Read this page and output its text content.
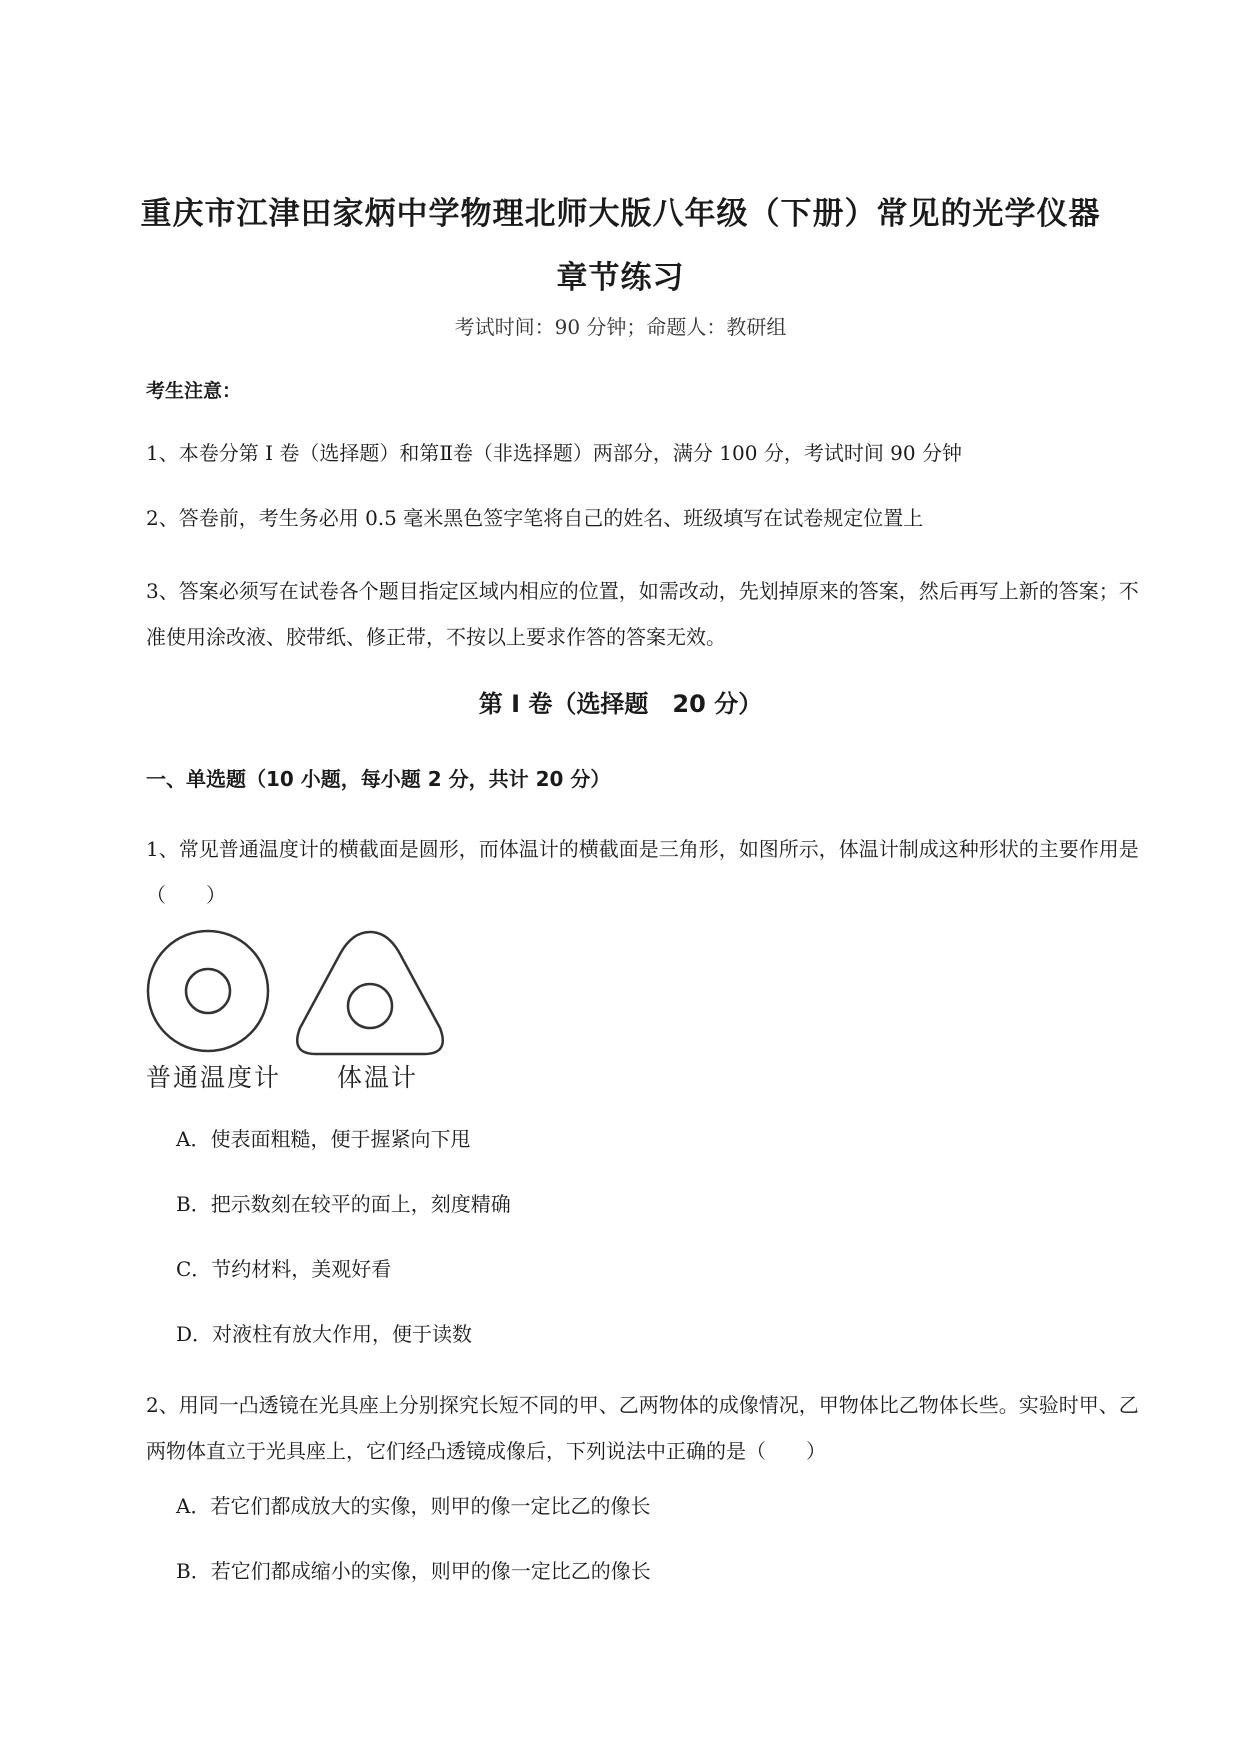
重庆市江津田家炳中学物理北师大版八年级（下册）常见的光学仪器
章节练习
考试时间：90 分钟；命题人：教研组
考生注意：
1、本卷分第 I 卷（选择题）和第Ⅱ卷（非选择题）两部分，满分 100 分，考试时间 90 分钟
2、答卷前，考生务必用 0.5 毫米黑色签字笔将自己的姓名、班级填写在试卷规定位置上
3、答案必须写在试卷各个题目指定区域内相应的位置，如需改动，先划掉原来的答案，然后再写上新的答案；不准使用涂改液、胶带纸、修正带，不按以上要求作答的答案无效。
第 I 卷（选择题　20 分）
一、单选题（10 小题，每小题 2 分，共计 20 分）
1、常见普通温度计的横截面是圆形，而体温计的横截面是三角形，如图所示，体温计制成这种形状的主要作用是（　　）
普通温度计 体温计
A．使表面粗糙，便于握紧向下甩
B．把示数刻在较平的面上，刻度精确
C．节约材料，美观好看
D．对液柱有放大作用，便于读数
2、用同一凸透镜在光具座上分别探究长短不同的甲、乙两物体的成像情况，甲物体比乙物体长些。实验时甲、乙两物体直立于光具座上，它们经凸透镜成像后，下列说法中正确的是（　　）
A．若它们都成放大的实像，则甲的像一定比乙的像长
B．若它们都成缩小的实像，则甲的像一定比乙的像长
